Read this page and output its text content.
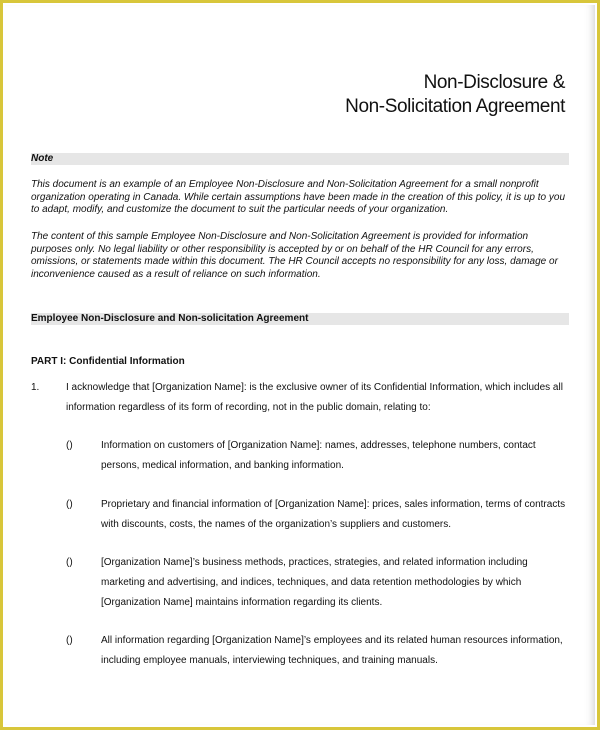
Non-Disclosure &
Non-Solicitation Agreement
Note
This document is an example of an Employee Non-Disclosure and Non-Solicitation Agreement for a small nonprofit organization operating in Canada. While certain assumptions have been made in the creation of this policy, it is up to you to adapt, modify, and customize the document to suit the particular needs of your organization.
The content of this sample Employee Non-Disclosure and Non-Solicitation Agreement is provided for information purposes only. No legal liability or other responsibility is accepted by or on behalf of the HR Council for any errors, omissions, or statements made within this document. The HR Council accepts no responsibility for any loss, damage or inconvenience caused as a result of reliance on such information.
Employee Non-Disclosure and Non-solicitation Agreement
PART I: Confidential Information
1.	I acknowledge that [Organization Name]: is the exclusive owner of its Confidential Information, which includes all information regardless of its form of recording, not in the public domain, relating to:
()	Information on customers of [Organization Name]: names, addresses, telephone numbers, contact persons, medical information, and banking information.
()	Proprietary and financial information of [Organization Name]: prices, sales information, terms of contracts with discounts, costs, the names of the organization’s suppliers and customers.
()	[Organization Name]’s business methods, practices, strategies, and related information including marketing and advertising, and indices, techniques, and data retention methodologies by which [Organization Name] maintains information regarding its clients.
()	All information regarding [Organization Name]’s employees and its related human resources information, including employee manuals, interviewing techniques, and training manuals.
